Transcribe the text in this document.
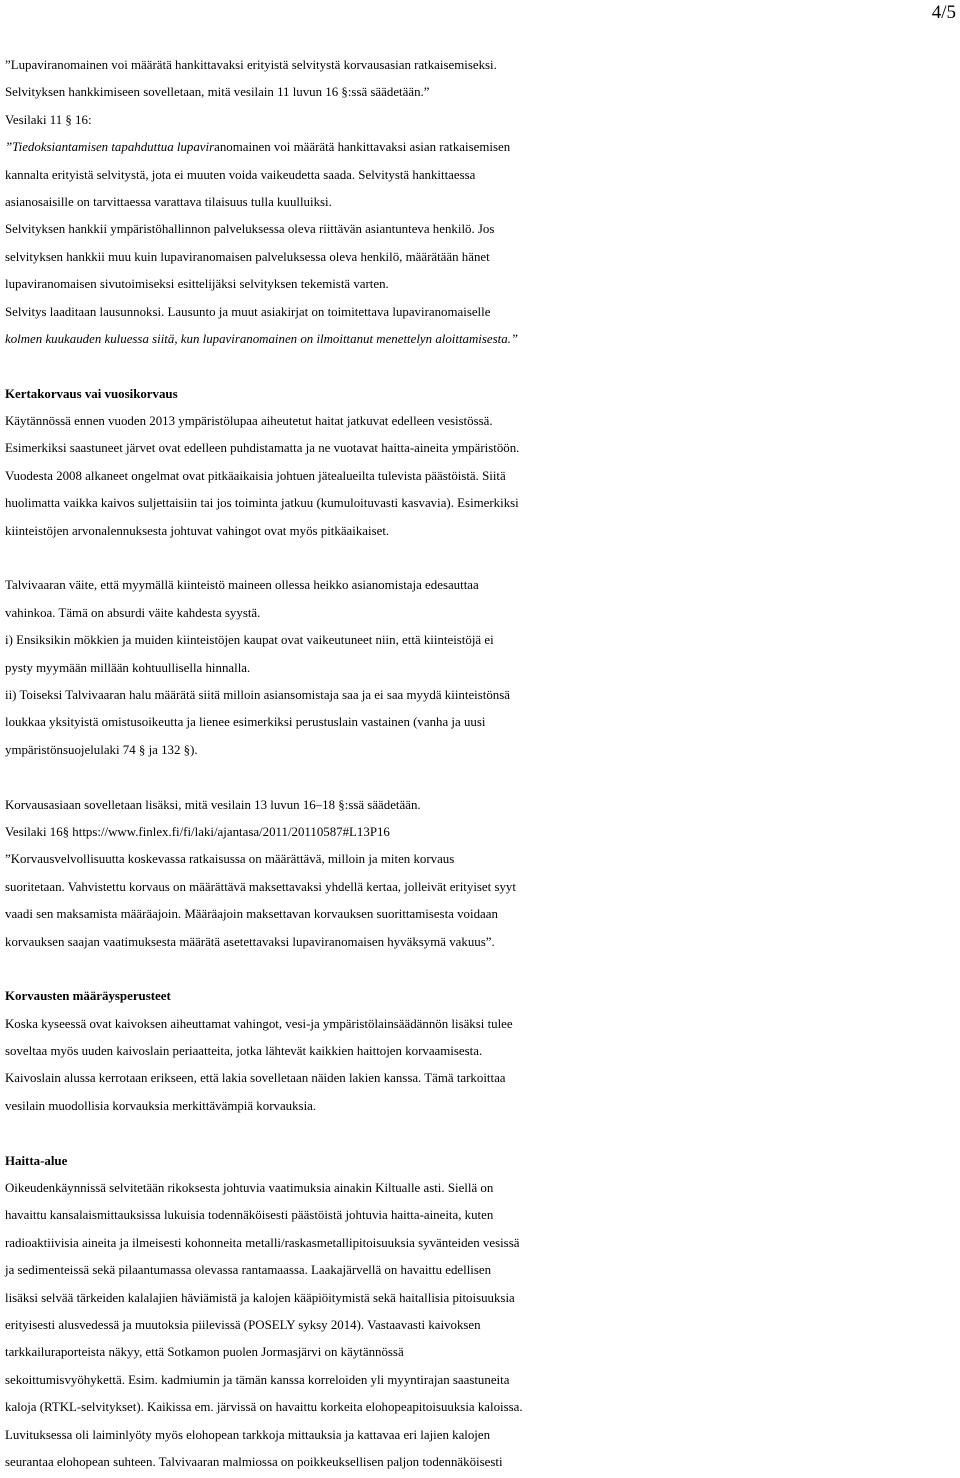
4/5
”Lupaviranomainen voi määrätä hankittavaksi erityistä selvitystä korvausasian ratkaisemiseksi.
Selvityksen hankkimiseen sovelletaan, mitä vesilain 11 luvun 16 §:ssä säädetään.”
Vesilaki 11 § 16:
”Tiedoksiantamisen tapahduttua lupaviranomainen voi määrätä hankittavaksi asian ratkaisemisen
kannalta erityistä selvitystä, jota ei muuten voida vaikeudetta saada. Selvitystä hankittaessa
asianosaisille on tarvittaessa varattava tilaisuus tulla kuulluiksi.
Selvityksen hankkii ympäristöhallinnon palveluksessa oleva riittävän asiantunteva henkilö. Jos
selvityksen hankkii muu kuin lupaviranomaisen palveluksessa oleva henkilö, määrätään hänet
lupaviranomaisen sivutoimiseksi esittelijäksi selvityksen tekemistä varten.
Selvitys laaditaan lausunnoksi. Lausunto ja muut asiakirjat on toimitettava lupaviranomaiselle
kolmen kuukauden kuluessa siitä, kun lupaviranomainen on ilmoittanut menettelyn aloittamisesta.”
Kertakorvaus vai vuosikorvaus
Käytännössä ennen vuoden 2013 ympäristölupaa aiheutetut haitat jatkuvat edelleen vesistössä.
Esimerkiksi saastuneet järvet ovat edelleen puhdistamatta ja ne vuotavat haitta-aineita ympäristöön.
Vuodesta 2008 alkaneet ongelmat ovat pitkäaikaisia johtuen jätealueilta tulevista päästöistä. Siitä
huolimatta vaikka kaivos suljettaisiin tai jos toiminta jatkuu (kumuloituvasti kasvavia). Esimerkiksi
kiinteistöjen arvonalennuksesta johtuvat vahingot ovat myös pitkäaikaiset.
Talvivaaran väite, että myymällä kiinteistö maineen ollessa heikko asianomistaja edesauttaa
vahinkoa. Tämä on absurdi väite kahdesta syystä.
i) Ensiksikin mökkien ja muiden kiinteistöjen kaupat ovat vaikeutuneet niin, että kiinteistöjä ei
pysty myymään millään kohtuullisella hinnalla.
ii) Toiseksi Talvivaaran halu määrätä siitä milloin asiansomistaja saa ja ei saa myydä kiinteistönsä
loukkaa yksityistä omistusoikeutta ja lienee esimerkiksi perustuslain vastainen (vanha ja uusi
ympäristönsuojelulaki 74 § ja 132 §).
Korvausasiaan sovelletaan lisäksi, mitä vesilain 13 luvun 16–18 §:ssä säädetään.
Vesilaki 16§ https://www.finlex.fi/fi/laki/ajantasa/2011/20110587#L13P16
”Korvausvelvollisuutta koskevassa ratkaisussa on määrättävä, milloin ja miten korvaus
suoritetaan. Vahvistettu korvaus on määrättävä maksettavaksi yhdellä kertaa, jolleivät erityiset syyt
vaadi sen maksamista määräajoin. Määräajoin maksettavan korvauksen suorittamisesta voidaan
korvauksen saajan vaatimuksesta määrätä asetettavaksi lupaviranomaisen hyväksymä vakuus”.
Korvausten määräysperusteet
Koska kyseessä ovat kaivoksen aiheuttamat vahingot, vesi-ja ympäristölainsäädännön lisäksi tulee
soveltaa myös uuden kaivoslain periaatteita, jotka lähtevät kaikkien haittojen korvaamisesta.
Kaivoslain alussa kerrotaan erikseen, että lakia sovelletaan näiden lakien kanssa. Tämä tarkoittaa
vesilain muodollisia korvauksia merkittävämpiä korvauksia.
Haitta-alue
Oikeudenkäynnissä selvitetään rikoksesta johtuvia vaatimuksia ainakin Kiltualle asti. Siellä on
havaittu kansalaismittauksissa lukuisia todennäköisesti päästöistä johtuvia haitta-aineita, kuten
radioaktiivisia aineita ja ilmeisesti kohonneita metalli/raskasmetallipitoisuuksia syvänteiden vesissä
ja sedimenteissä sekä pilaantumassa olevassa rantamaassa. Laakajärvellä on havaittu edellisen
lisäksi selvää tärkeiden kalalajien häviämistä ja kalojen kääpiöitymistä sekä haitallisia pitoisuuksia
erityisesti alusvedessä ja muutoksia piilevissä (POSELY syksy 2014). Vastaavasti kaivoksen
tarkkailuraporteista näkyy, että Sotkamon puolen Jormasjärvi on käytännössä
sekoittumisvyöhykettä. Esim. kadmiumin ja tämän kanssa korreloiden yli myyntirajan saastuneita
kaloja (RTKL-selvitykset). Kaikissa em. järvissä on havaittu korkeita elohopeapitoisuuksia kaloissa.
Luvituksessa oli laiminlyöty myös elohopean tarkkoja mittauksia ja kattavaa eri lajien kalojen
seurantaa elohopean suhteen. Talvivaaran malmiossa on poikkeuksellisen paljon todennäköisesti
